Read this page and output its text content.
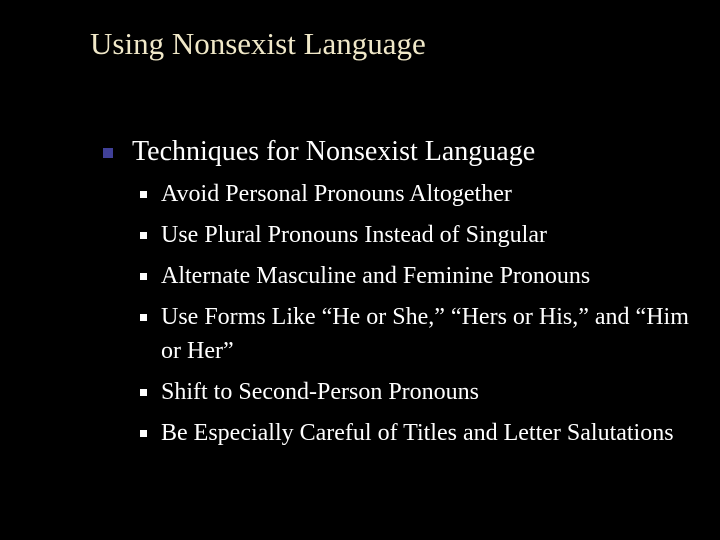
Using Nonsexist Language
Techniques for Nonsexist Language
Avoid Personal Pronouns Altogether
Use Plural Pronouns Instead of Singular
Alternate Masculine and Feminine Pronouns
Use Forms Like “He or She,” “Hers or His,” and “Him or Her”
Shift to Second-Person Pronouns
Be Especially Careful of Titles and Letter Salutations
